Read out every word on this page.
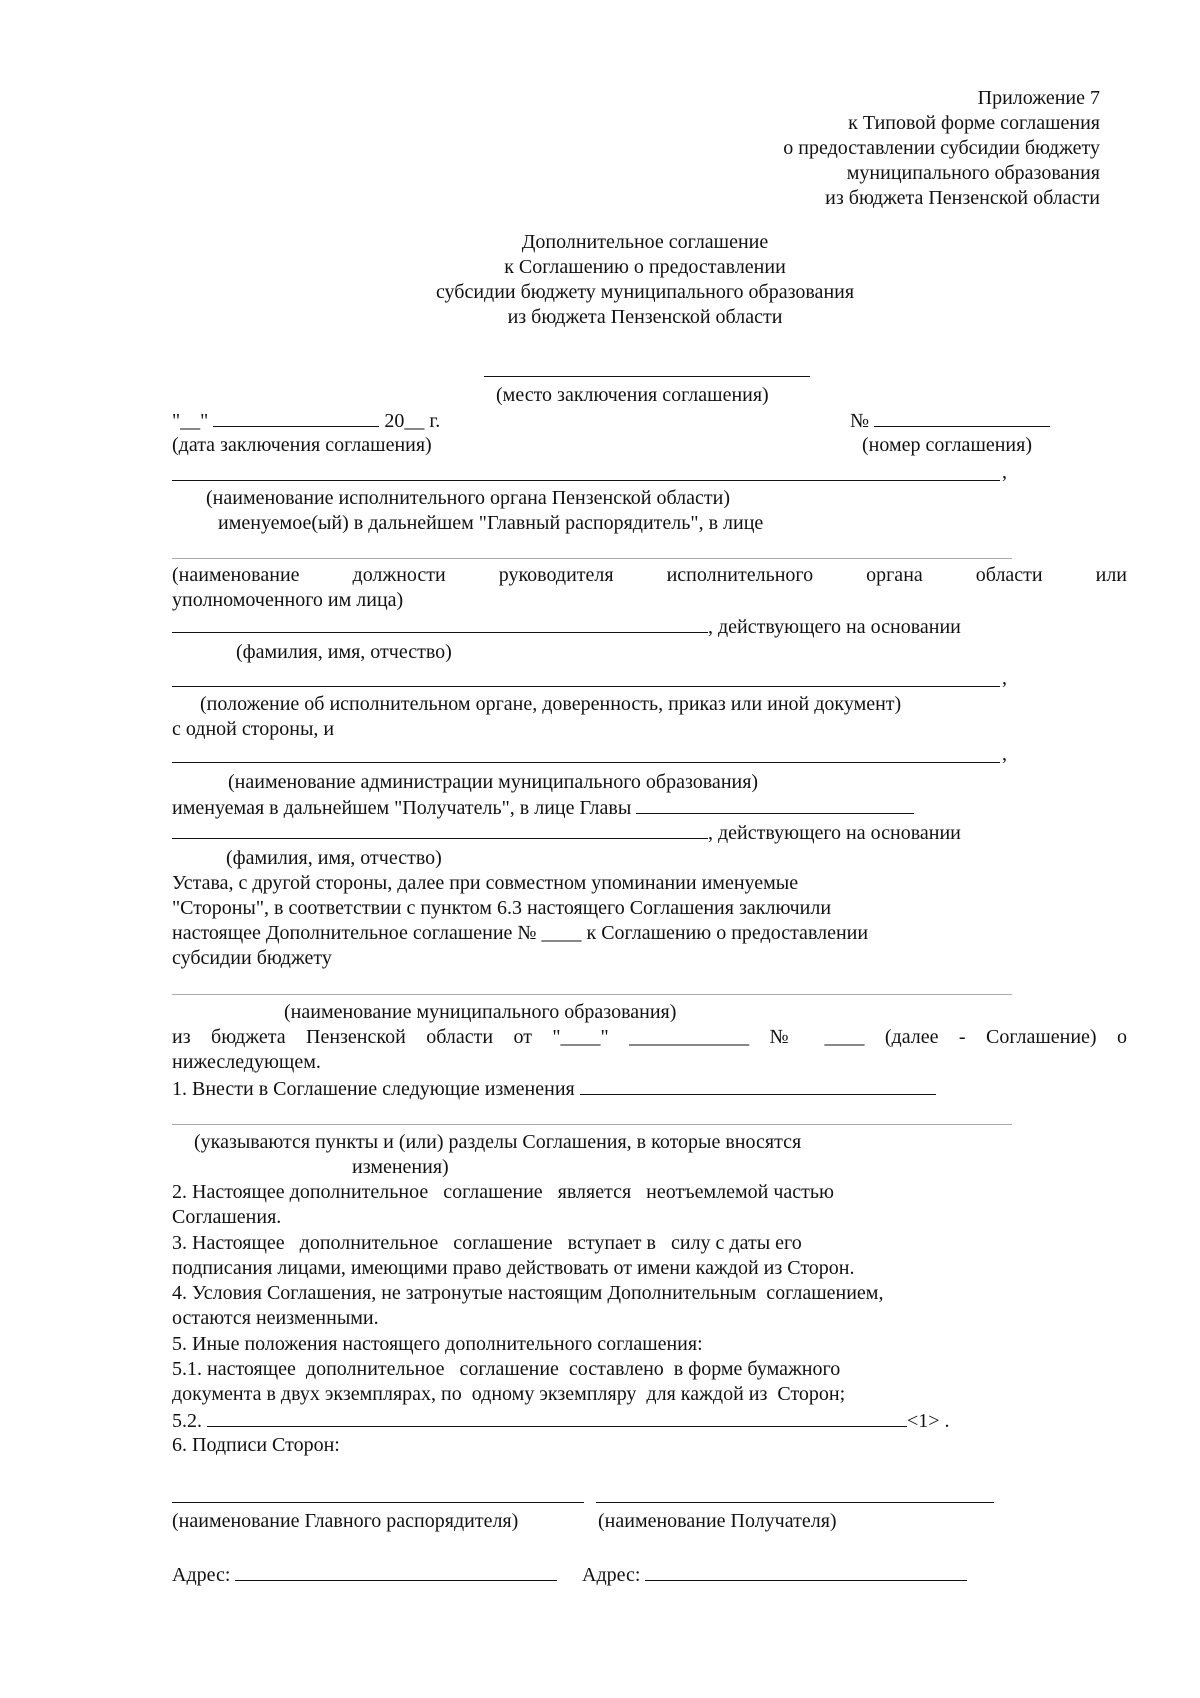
Приложение 7
к Типовой форме соглашения
о предоставлении субсидии бюджету
муниципального образования
из бюджета Пензенской области
Дополнительное соглашение
к Соглашению о предоставлении
субсидии бюджету муниципального образования
из бюджета Пензенской области
(место заключения соглашения)
"__"	20__ г.	№
(дата заключения соглашения)	(номер соглашения)
,
(наименование исполнительного органа Пензенской области)
именуемое(ый) в дальнейшем "Главный распорядитель", в лице
(наименование должности руководителя исполнительного органа области или
уполномоченного им лица)
, действующего на основании
(фамилия, имя, отчество)
,
(положение об исполнительном органе, доверенность, приказ или иной документ)
с одной стороны, и
,
(наименование администрации муниципального образования)
именуемая в дальнейшем "Получатель", в лице Главы
, действующего на основании
(фамилия, имя, отчество)
Устава, с другой стороны, далее при совместном упоминании именуемые
"Стороны", в соответствии с пунктом 6.3 настоящего Соглашения заключили
настоящее Дополнительное соглашение № ____ к Соглашению о предоставлении
субсидии бюджету
(наименование муниципального образования)
из бюджета Пензенской области от "____" ____________ № ____ (далее - Соглашение) о
нижеследующем.
1. Внести в Соглашение следующие изменения
(указываются пункты и (или) разделы Соглашения, в которые вносятся
изменения)
2. Настоящее дополнительное   соглашение   является   неотъемлемой частью
Соглашения.
3. Настоящее   дополнительное   соглашение   вступает в   силу с даты его
подписания лицами, имеющими право действовать от имени каждой из Сторон.
4. Условия Соглашения, не затронутые настоящим Дополнительным  соглашением,
остаются неизменными.
5. Иные положения настоящего дополнительного соглашения:
5.1. настоящее  дополнительное   соглашение  составлено  в форме бумажного
документа в двух экземплярах, по  одному экземпляру  для каждой из  Сторон;
5.2.	<1> .
6. Подписи Сторон:
(наименование Главного распорядителя)	(наименование Получателя)
Адрес:	Адрес:
